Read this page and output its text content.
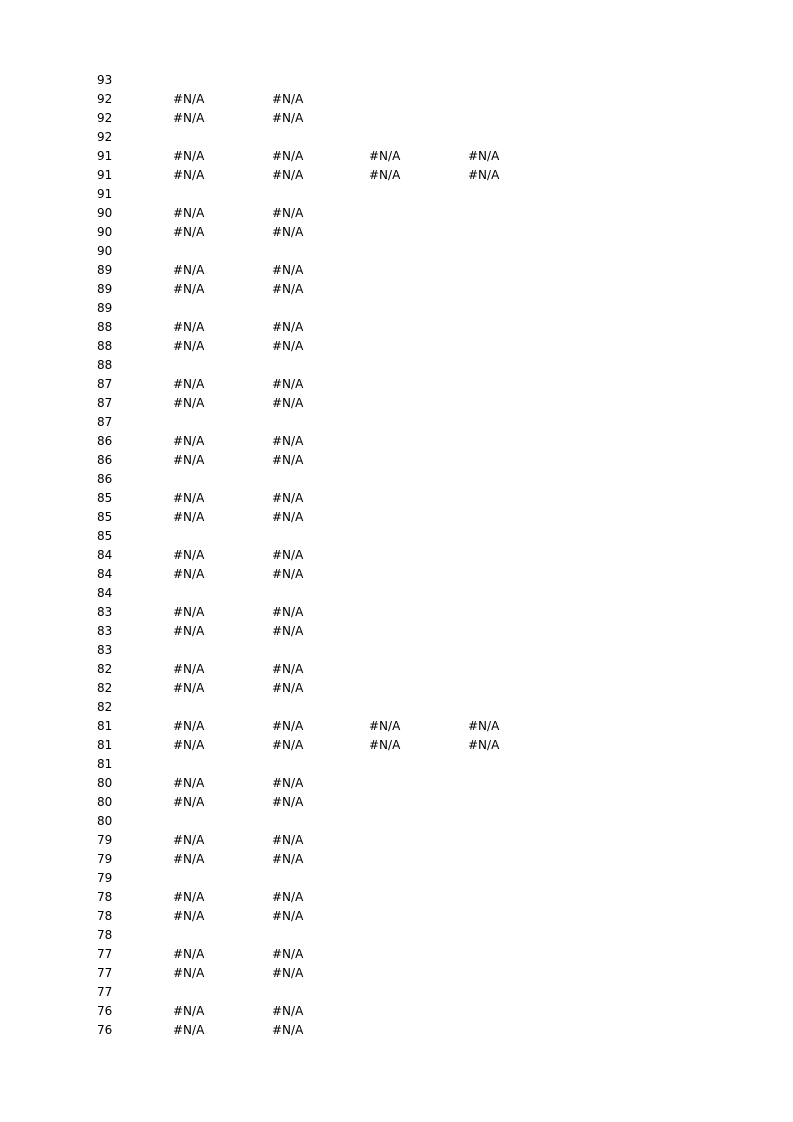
93
92	#N/A	#N/A
92	#N/A	#N/A
92
91	#N/A	#N/A	#N/A	#N/A
91	#N/A	#N/A	#N/A	#N/A
91
90	#N/A	#N/A
90	#N/A	#N/A
90
89	#N/A	#N/A
89	#N/A	#N/A
89
88	#N/A	#N/A
88	#N/A	#N/A
88
87	#N/A	#N/A
87	#N/A	#N/A
87
86	#N/A	#N/A
86	#N/A	#N/A
86
85	#N/A	#N/A
85	#N/A	#N/A
85
84	#N/A	#N/A
84	#N/A	#N/A
84
83	#N/A	#N/A
83	#N/A	#N/A
83
82	#N/A	#N/A
82	#N/A	#N/A
82
81	#N/A	#N/A	#N/A	#N/A
81	#N/A	#N/A	#N/A	#N/A
81
80	#N/A	#N/A
80	#N/A	#N/A
80
79	#N/A	#N/A
79	#N/A	#N/A
79
78	#N/A	#N/A
78	#N/A	#N/A
78
77	#N/A	#N/A
77	#N/A	#N/A
77
76	#N/A	#N/A
76	#N/A	#N/A
